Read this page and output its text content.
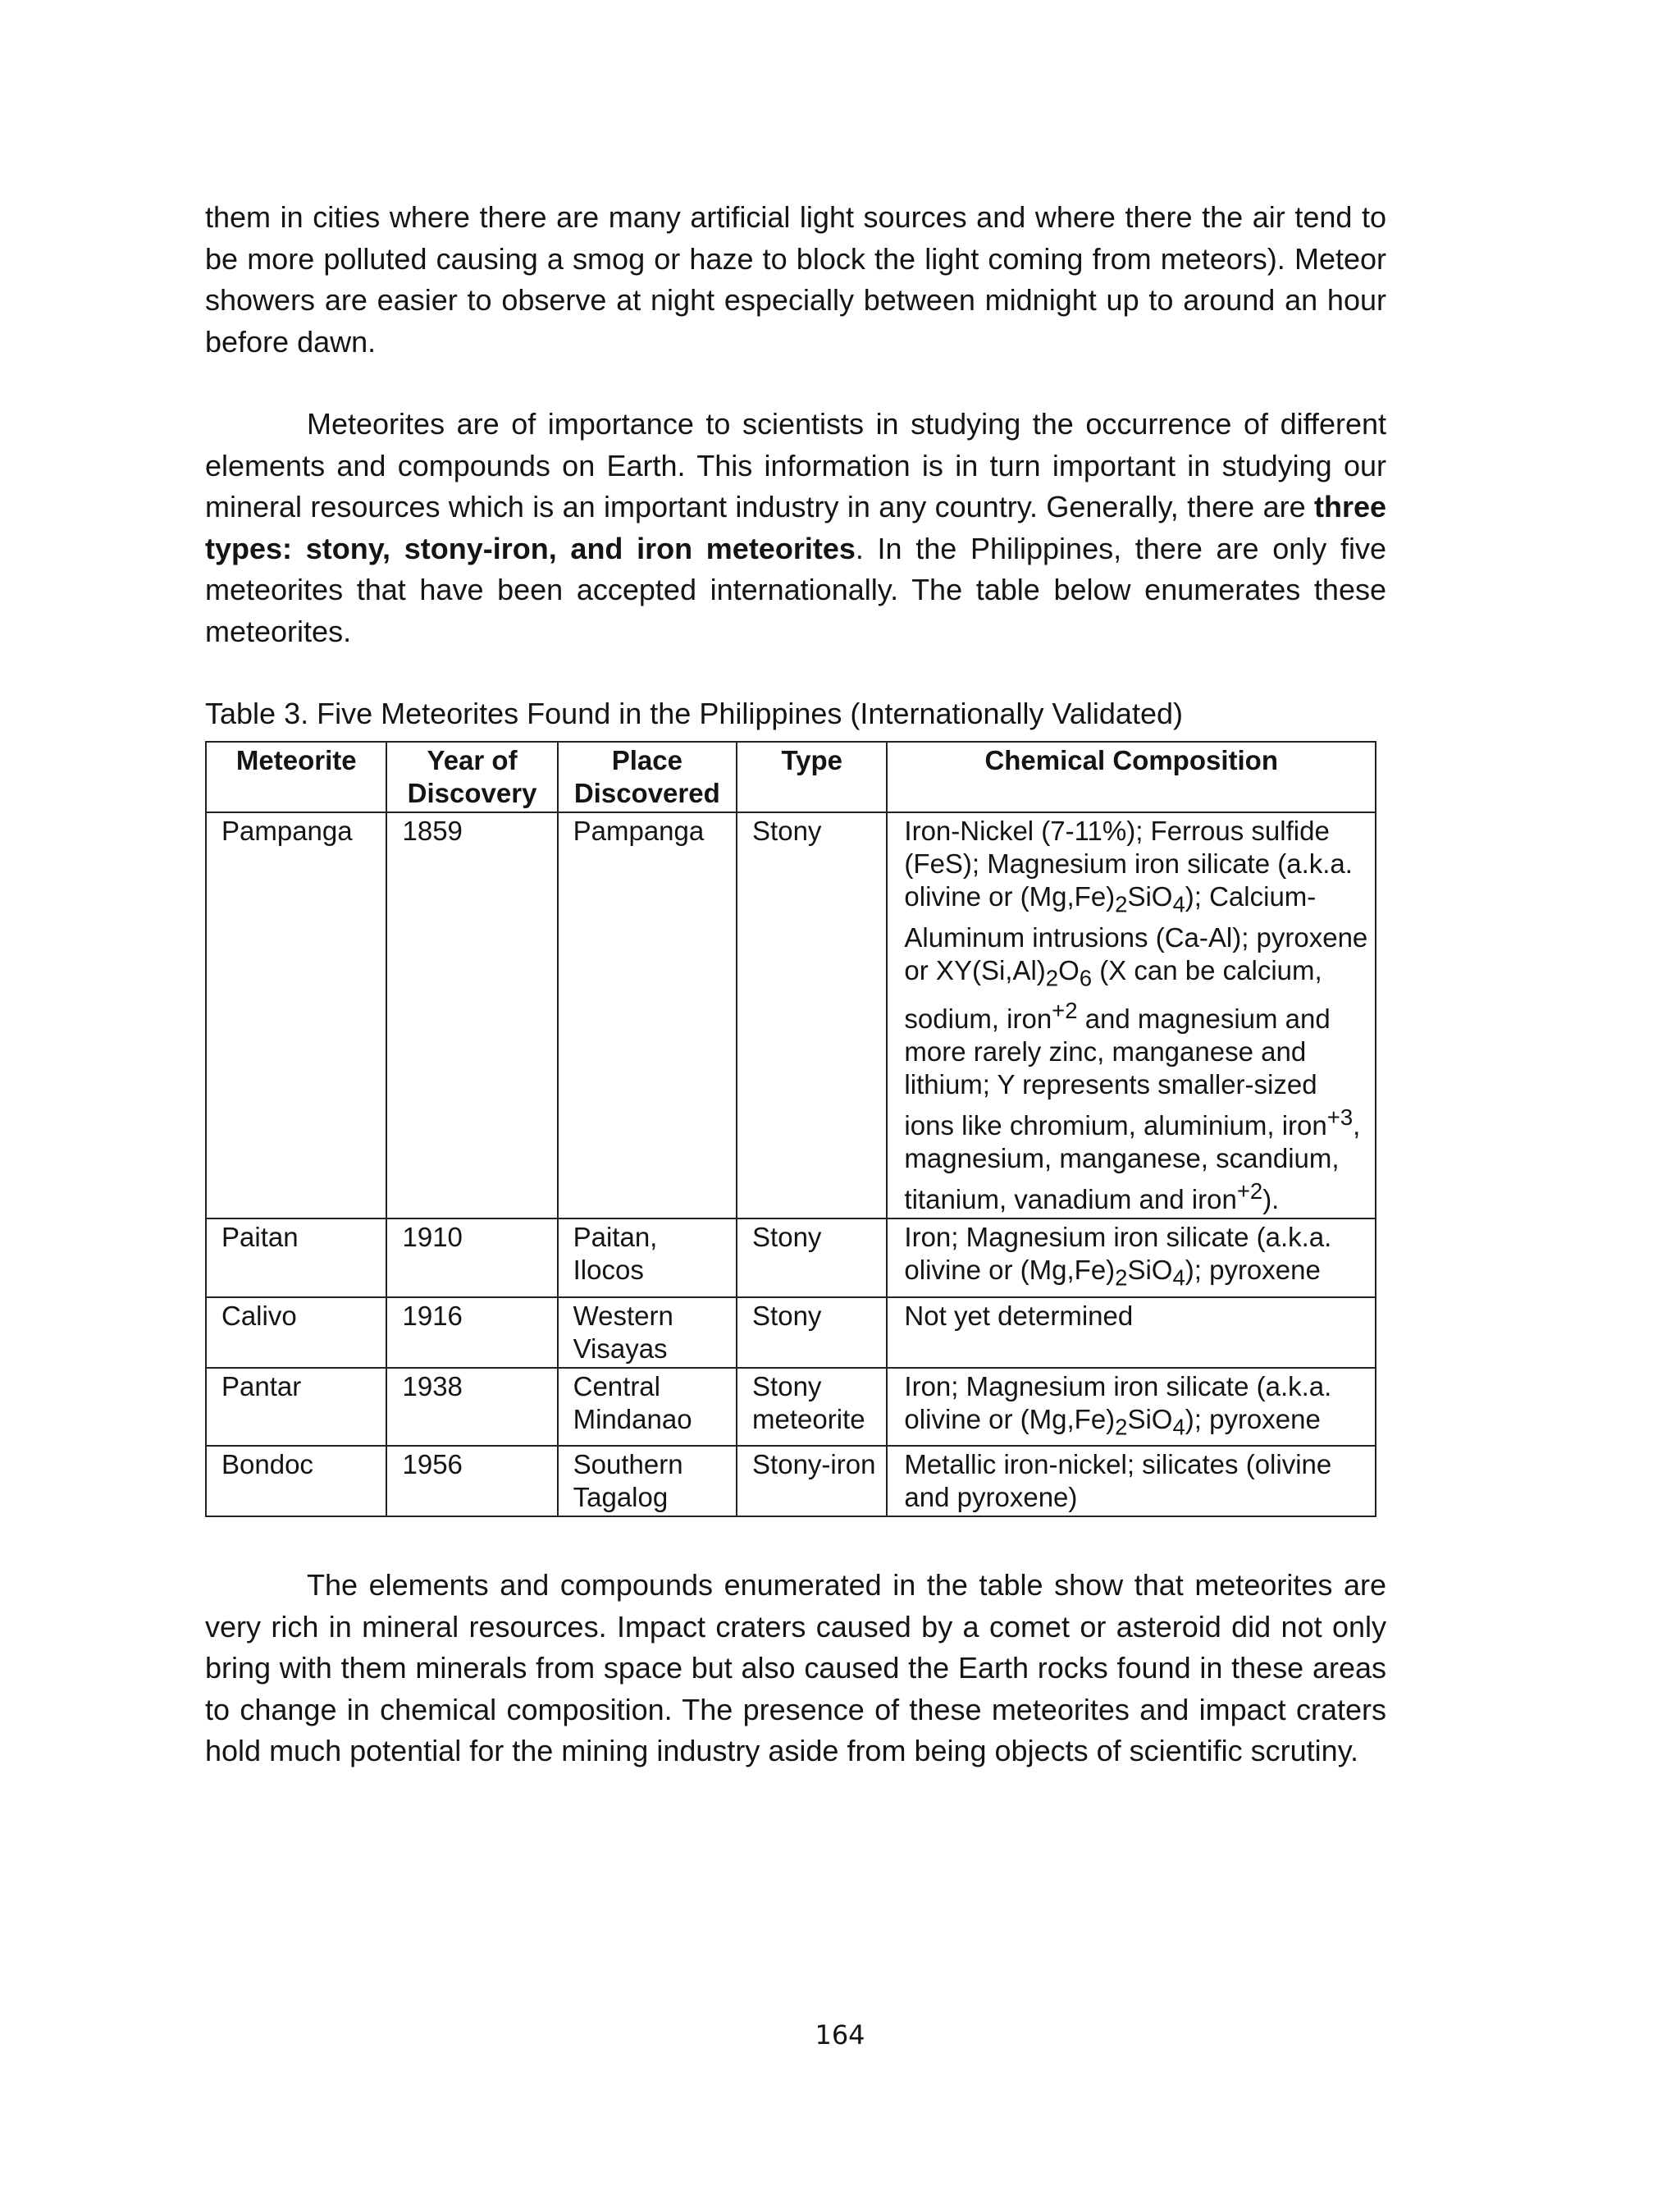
them in cities where there are many artificial light sources and where there the air tend to be more polluted causing a smog or haze to block the light coming from meteors). Meteor showers are easier to observe at night especially between midnight up to around an hour before dawn.

Meteorites are of importance to scientists in studying the occurrence of different elements and compounds on Earth. This information is in turn important in studying our mineral resources which is an important industry in any country. Generally, there are three types: stony, stony-iron, and iron meteorites. In the Philippines, there are only five meteorites that have been accepted internationally. The table below enumerates these meteorites.

Table 3. Five Meteorites Found in the Philippines (Internationally Validated)
Meteorite	Year of Discovery	Place Discovered	Type	Chemical Composition
Pampanga	1859	Pampanga	Stony	Iron-Nickel (7-11%); Ferrous sulfide (FeS); Magnesium iron silicate (a.k.a. olivine or $(Mg,Fe)_2SiO_4$); Calcium-Aluminum intrusions (Ca-Al); pyroxene or $XY(Si,Al)_2O_6$ (X can be calcium, sodium, iron$^{+2}$ and magnesium and more rarely zinc, manganese and lithium; Y represents smaller-sized ions like chromium, aluminium, iron$^{+3}$, magnesium, manganese, scandium, titanium, vanadium and iron$^{+2}$).
Paitan	1910	Paitan, Ilocos	Stony	Iron; Magnesium iron silicate (a.k.a. olivine or $(Mg,Fe)_2SiO_4$); pyroxene
Calivo	1916	Western Visayas	Stony	Not yet determined
Pantar	1938	Central Mindanao	Stony meteorite	Iron; Magnesium iron silicate (a.k.a. olivine or $(Mg,Fe)_2SiO_4$); pyroxene
Bondoc	1956	Southern Tagalog	Stony-iron	Metallic iron-nickel; silicates (olivine and pyroxene)

The elements and compounds enumerated in the table show that meteorites are very rich in mineral resources. Impact craters caused by a comet or asteroid did not only bring with them minerals from space but also caused the Earth rocks found in these areas to change in chemical composition. The presence of these meteorites and impact craters hold much potential for the mining industry aside from being objects of scientific scrutiny.

164
